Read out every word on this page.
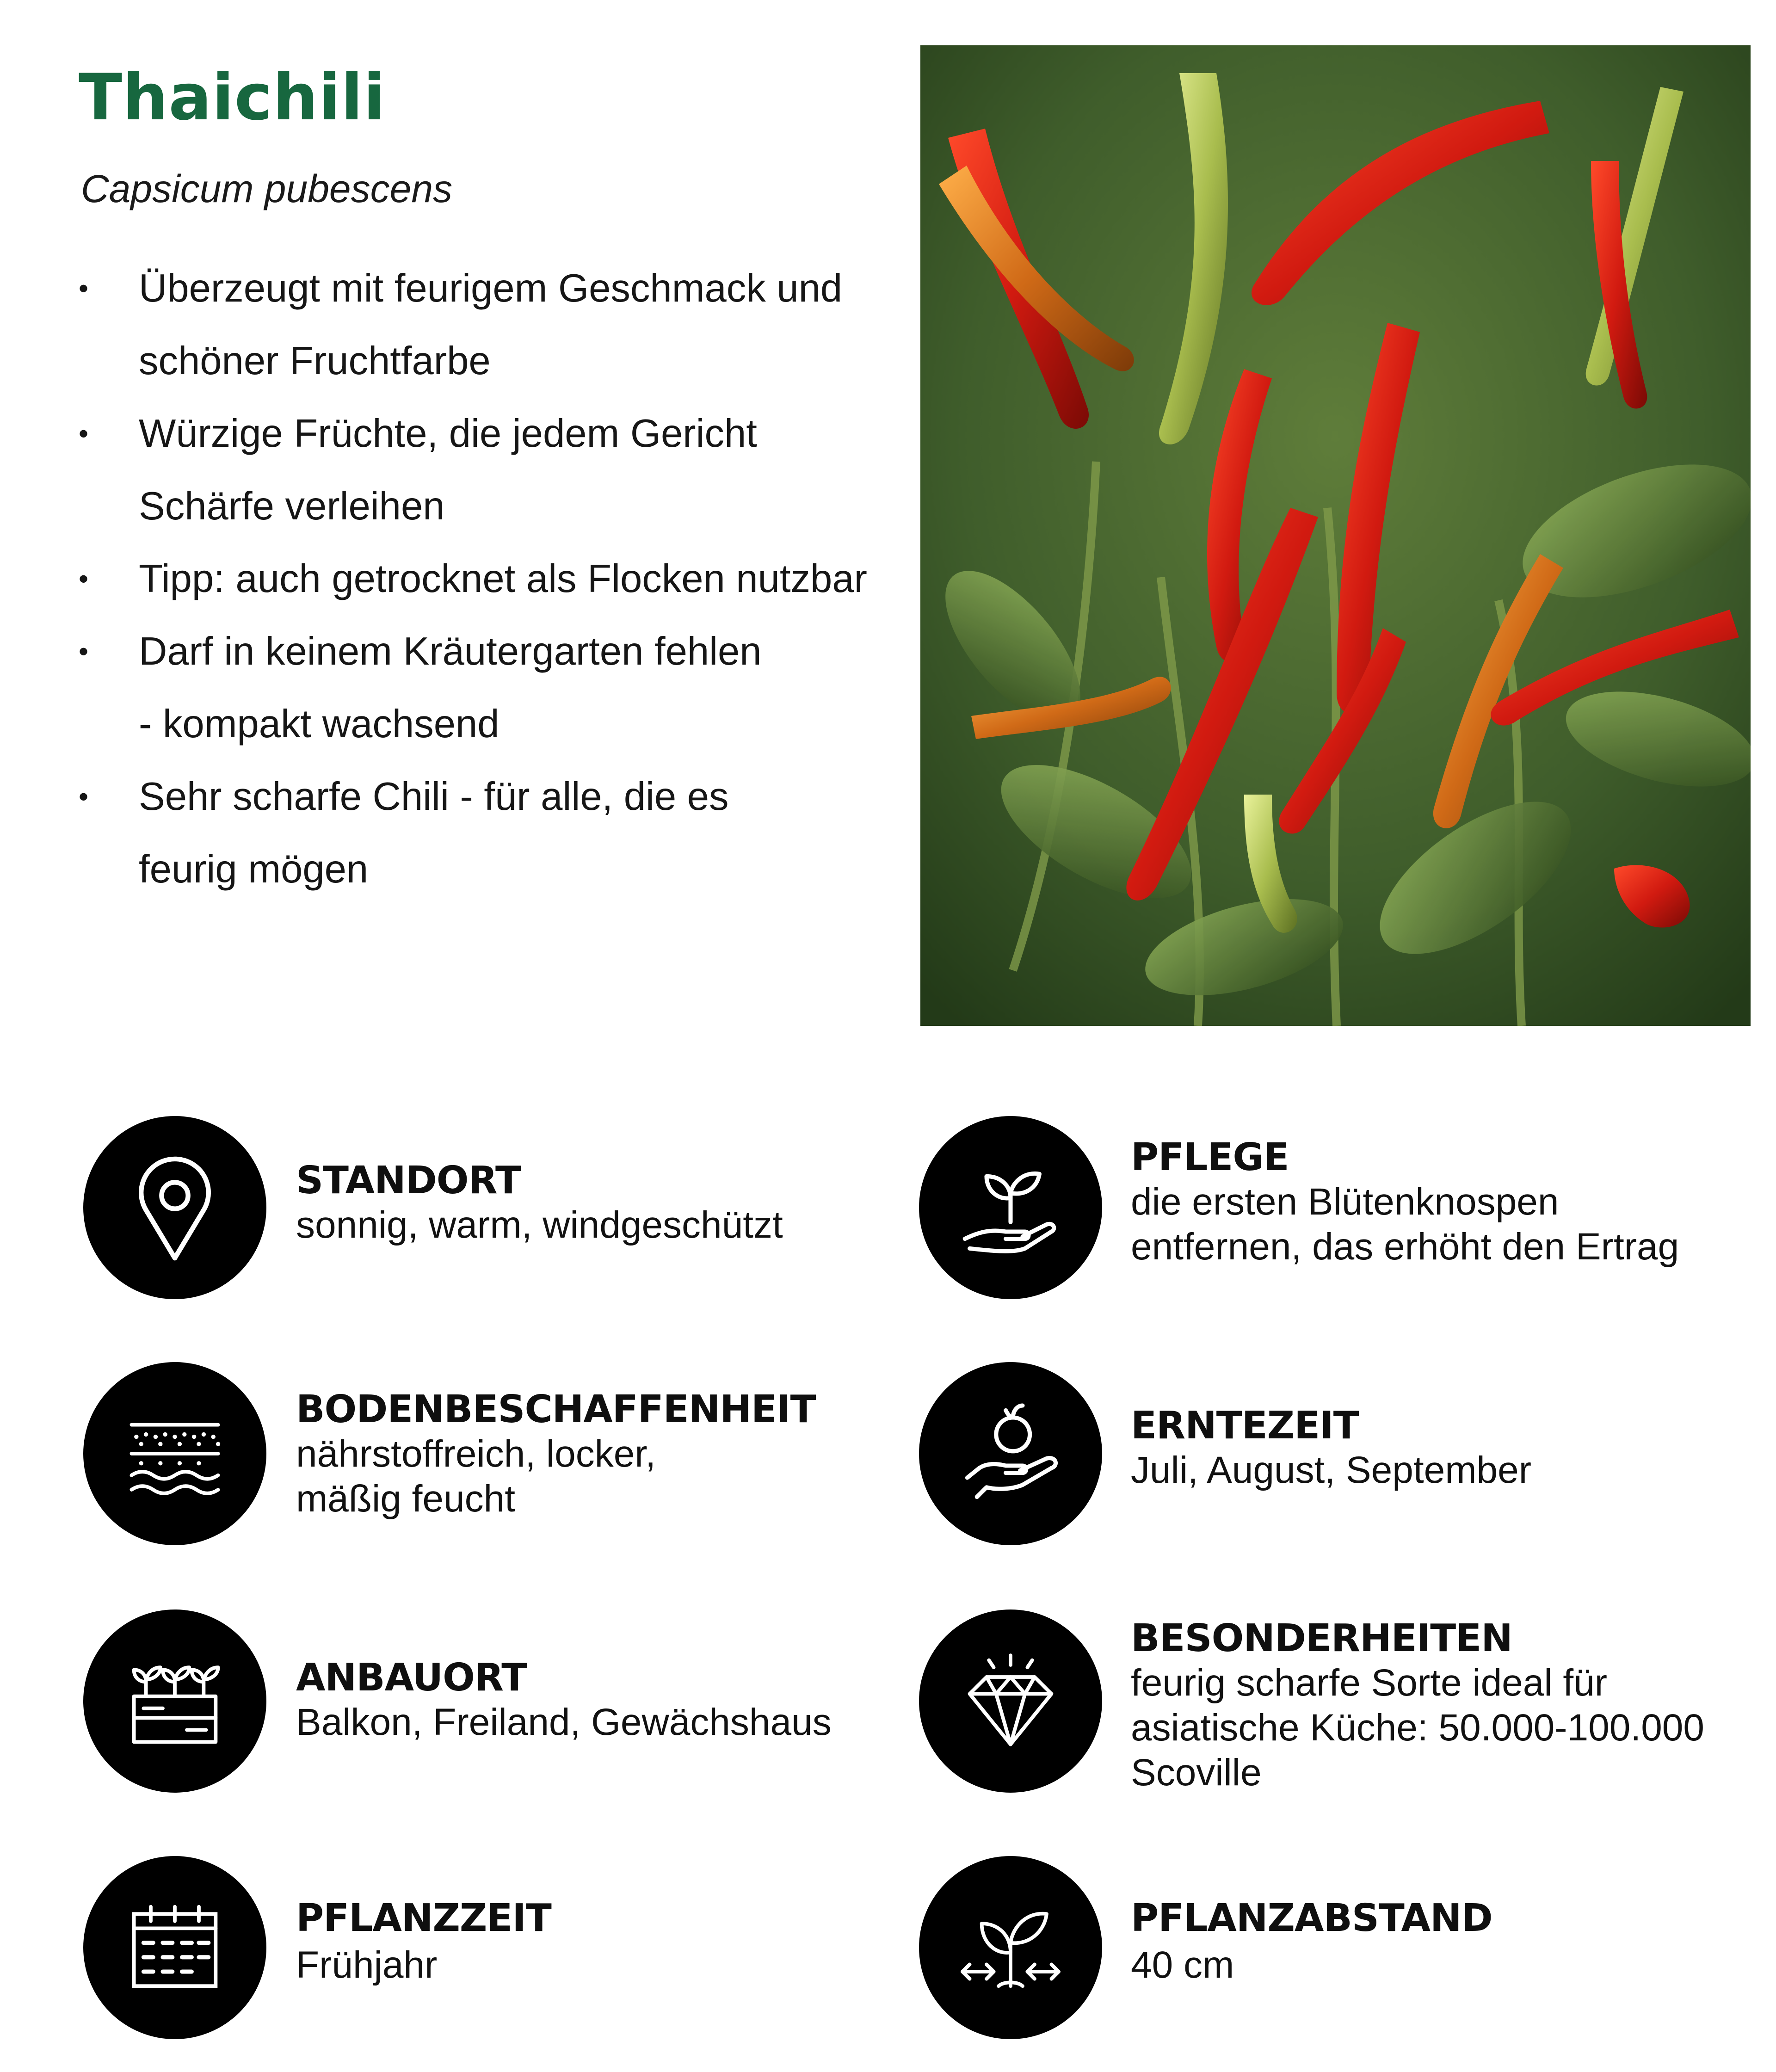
Thaichili
Capsicum pubescens
• Überzeugt mit feurigem Geschmack und
schöner Fruchtfarbe
• Würzige Früchte, die jedem Gericht
Schärfe verleihen
• Tipp: auch getrocknet als Flocken nutzbar
• Darf in keinem Kräutergarten fehlen
- kompakt wachsend
• Sehr scharfe Chili - für alle, die es
feurig mögen
STANDORT
sonnig, warm, windgeschützt
PFLEGE
die ersten Blütenknospen
entfernen, das erhöht den Ertrag
BODENBESCHAFFENHEIT
nährstoffreich, locker,
mäßig feucht
ERNTEZEIT
Juli, August, September
ANBAUORT
Balkon, Freiland, Gewächshaus
BESONDERHEITEN
feurig scharfe Sorte ideal für
asiatische Küche: 50.000-100.000
Scoville
PFLANZZEIT
Frühjahr
PFLANZABSTAND
40 cm
